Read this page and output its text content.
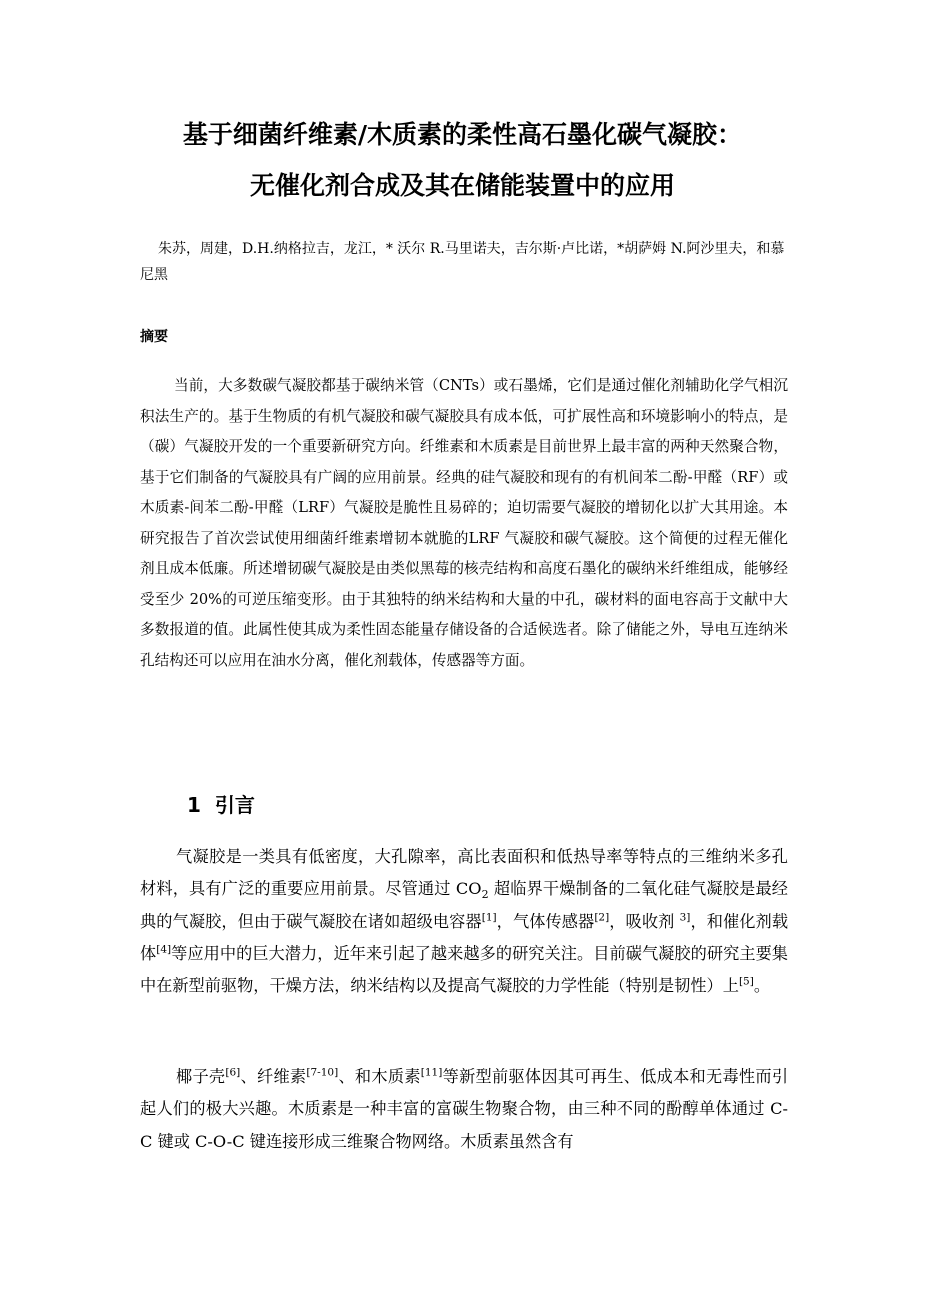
基于细菌纤维素/木质素的柔性高石墨化碳气凝胶：
无催化剂合成及其在储能装置中的应用

朱苏，周建，D.H.纳格拉吉，龙江，* 沃尔 R.马里诺夫，吉尔斯·卢比诺，*胡萨姆 N.阿沙里夫，和慕尼黑

摘要

当前，大多数碳气凝胶都基于碳纳米管（CNTs）或石墨烯，它们是通过催化剂辅助化学气相沉积法生产的。基于生物质的有机气凝胶和碳气凝胶具有成本低，可扩展性高和环境影响小的特点，是（碳）气凝胶开发的一个重要新研究方向。纤维素和木质素是目前世界上最丰富的两种天然聚合物，基于它们制备的气凝胶具有广阔的应用前景。经典的硅气凝胶和现有的有机间苯二酚-甲醛（RF）或木质素-间苯二酚-甲醛（LRF）气凝胶是脆性且易碎的；迫切需要气凝胶的增韧化以扩大其用途。本研究报告了首次尝试使用细菌纤维素增韧本就脆的LRF 气凝胶和碳气凝胶。这个简便的过程无催化剂且成本低廉。所述增韧碳气凝胶是由类似黑莓的核壳结构和高度石墨化的碳纳米纤维组成，能够经受至少 20%的可逆压缩变形。由于其独特的纳米结构和大量的中孔，碳材料的面电容高于文献中大多数报道的值。此属性使其成为柔性固态能量存储设备的合适候选者。除了储能之外，导电互连纳米孔结构还可以应用在油水分离，催化剂载体，传感器等方面。

1 引言

气凝胶是一类具有低密度，大孔隙率，高比表面积和低热导率等特点的三维纳米多孔材料，具有广泛的重要应用前景。尽管通过 $CO_2$ 超临界干燥制备的二氧化硅气凝胶是最经典的气凝胶，但由于碳气凝胶在诸如超级电容器[1]，气体传感器[2]，吸收剂 $^{3]}$，和催化剂载体[4]等应用中的巨大潜力，近年来引起了越来越多的研究关注。目前碳气凝胶的研究主要集中在新型前驱物，干燥方法，纳米结构以及提高气凝胶的力学性能（特别是韧性）上[5]。

椰子壳[6]、纤维素[7-10]、和木质素[11]等新型前驱体因其可再生、低成本和无毒性而引起人们的极大兴趣。木质素是一种丰富的富碳生物聚合物，由三种不同的酚醇单体通过 C-C 键或 C-O-C 键连接形成三维聚合物网络。木质素虽然含有
